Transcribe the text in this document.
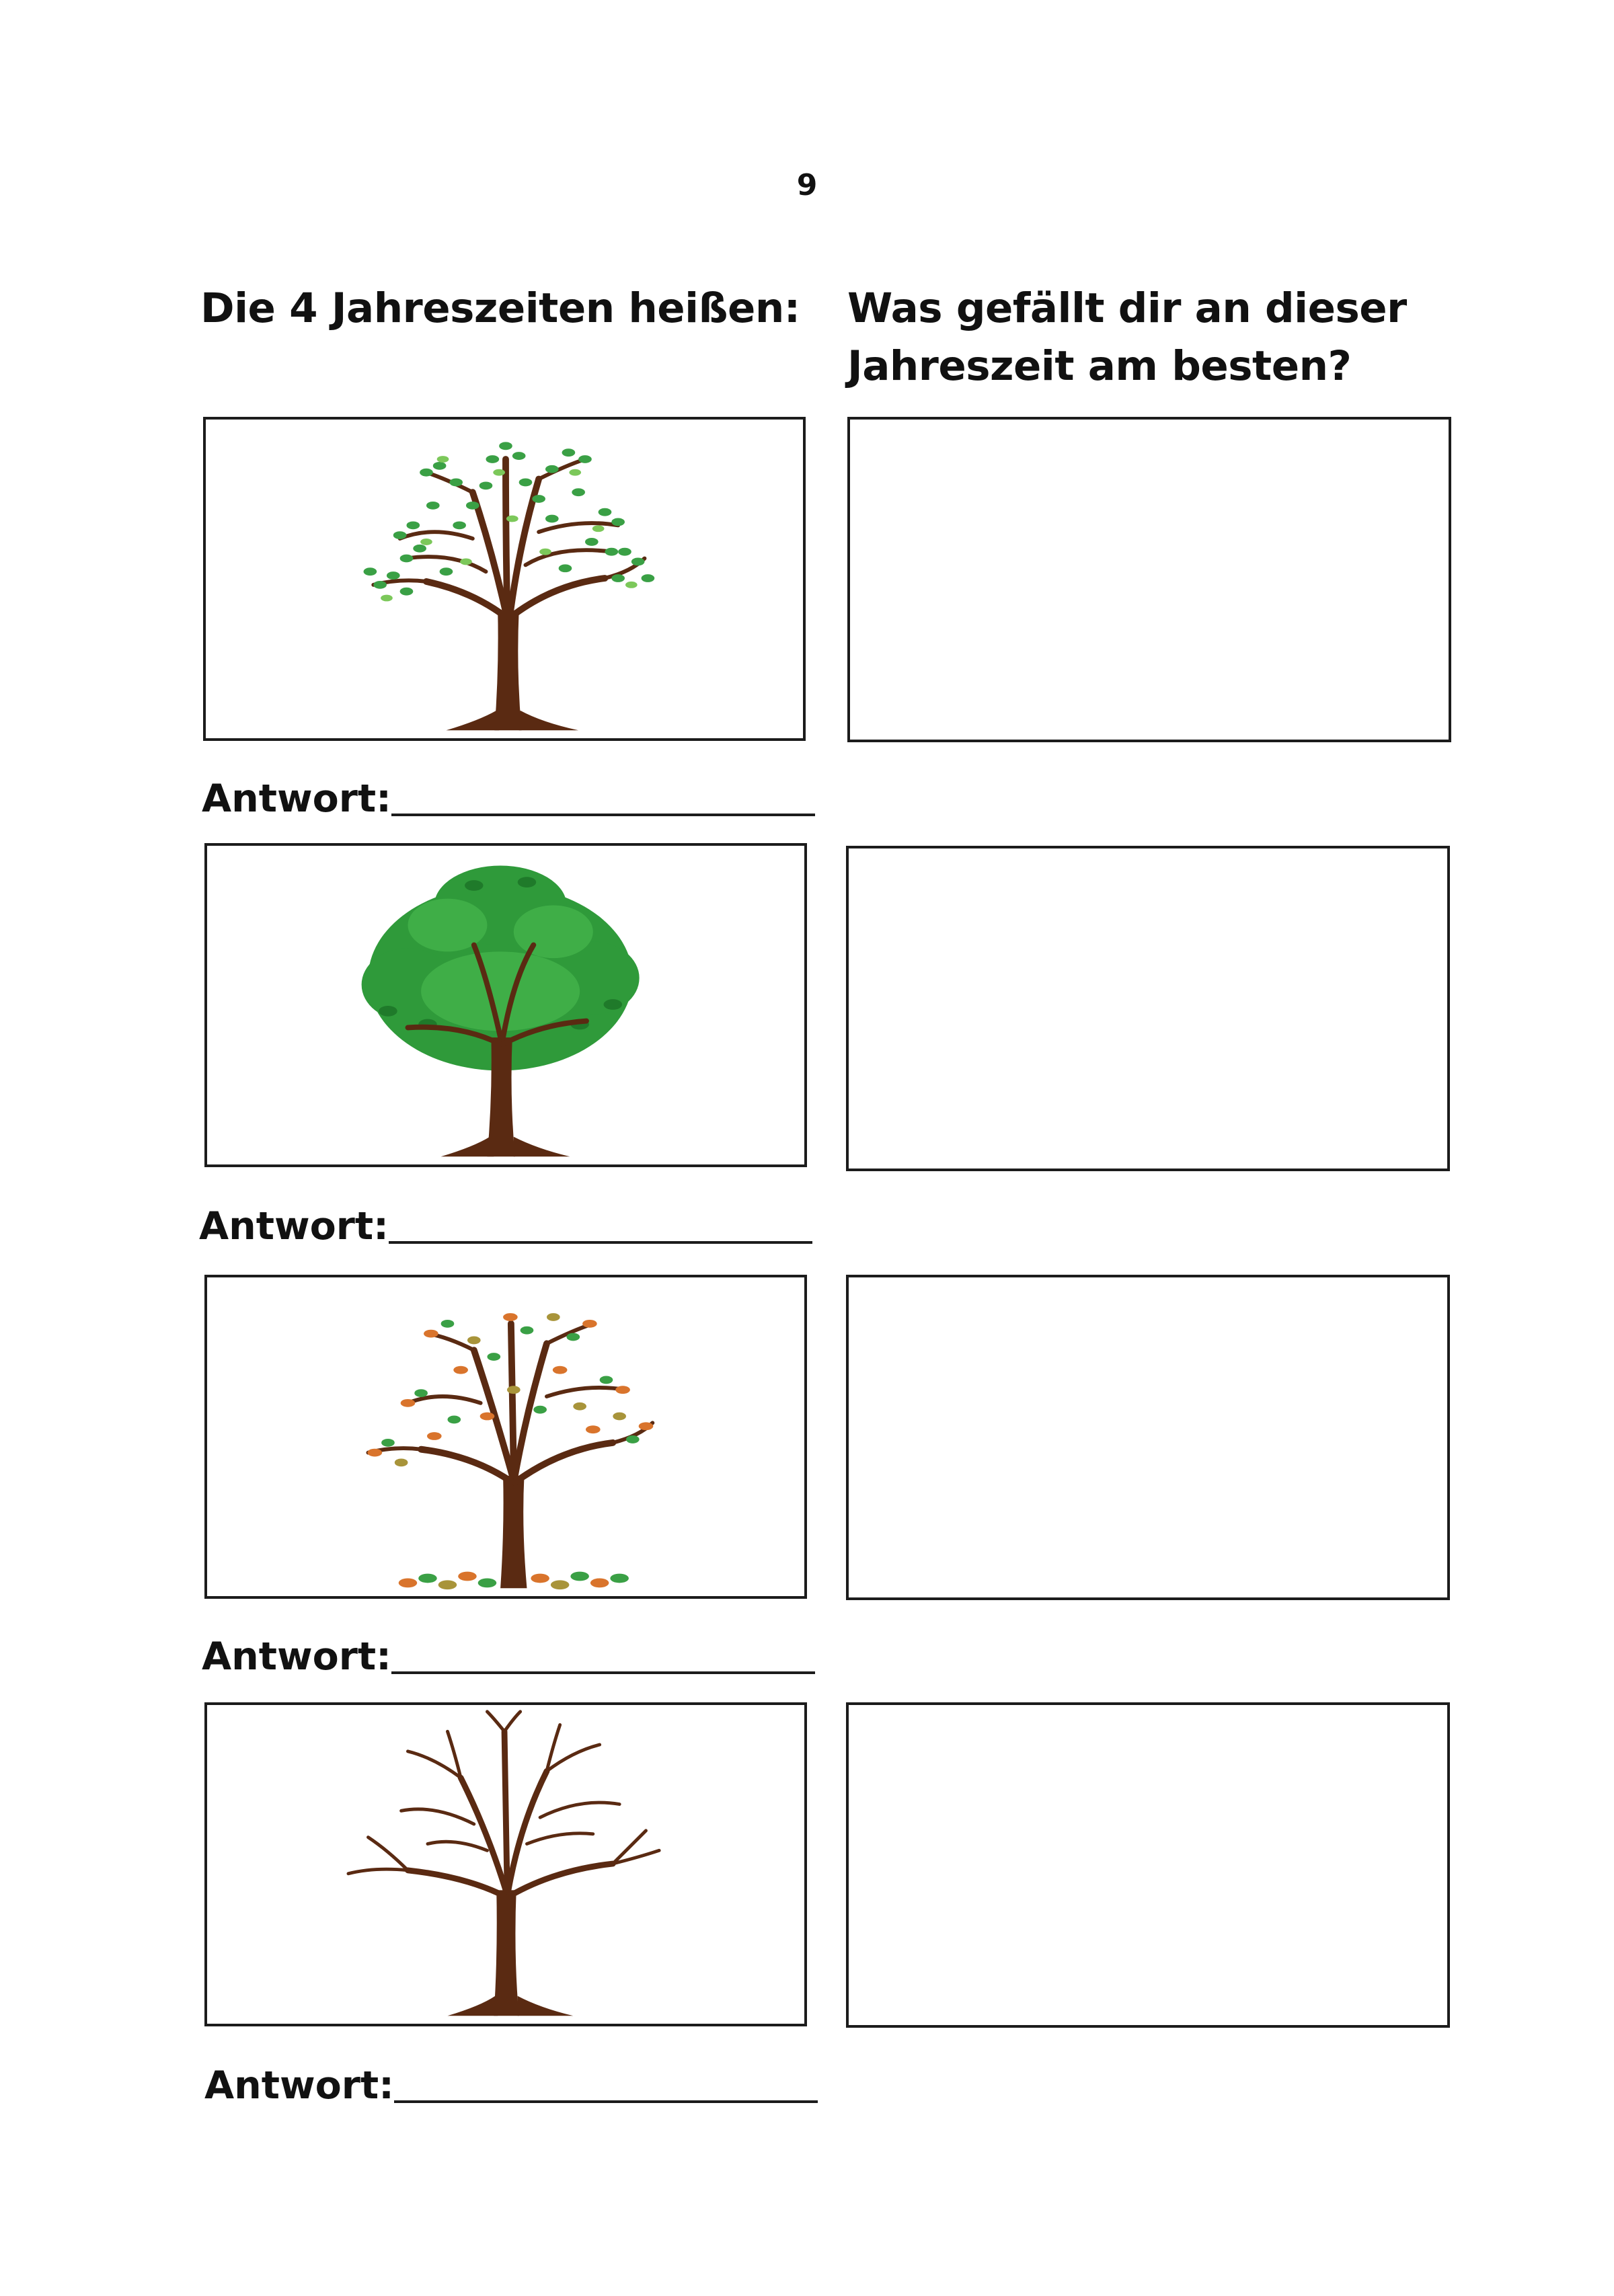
9
Die 4 Jahreszeiten heißen: Was gefällt dir an dieser Jahreszeit am besten?
Antwort:
Antwort:
Antwort:
Antwort:
